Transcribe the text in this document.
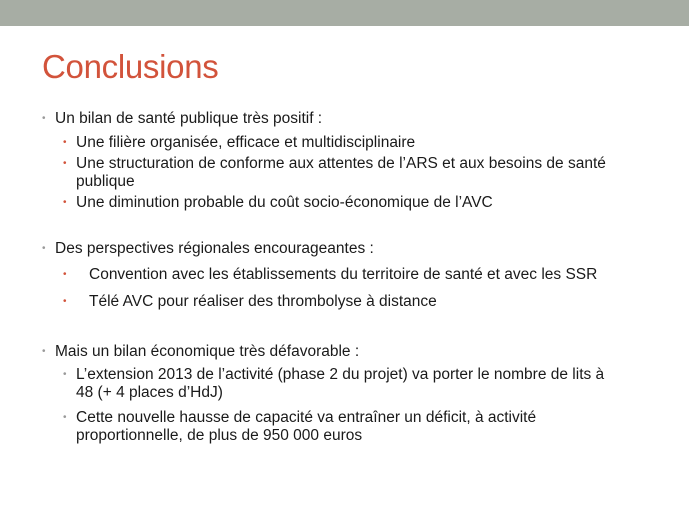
Conclusions
• Un bilan de santé publique très positif :
• Une filière organisée, efficace et multidisciplinaire
• Une structuration de conforme aux attentes de l’ARS et aux besoins de santé
publique
• Une diminution probable du coût socio-économique de l’AVC
• Des perspectives régionales encourageantes :
• Convention avec les établissements du territoire de santé et avec les SSR
• Télé AVC pour réaliser des thrombolyse à distance
• Mais un bilan économique très défavorable :
• L’extension 2013 de l’activité (phase 2 du projet) va porter le nombre de lits à
48 (+ 4 places d’HdJ)
• Cette nouvelle hausse de capacité va entraîner un déficit, à activité
proportionnelle, de plus de 950 000 euros
